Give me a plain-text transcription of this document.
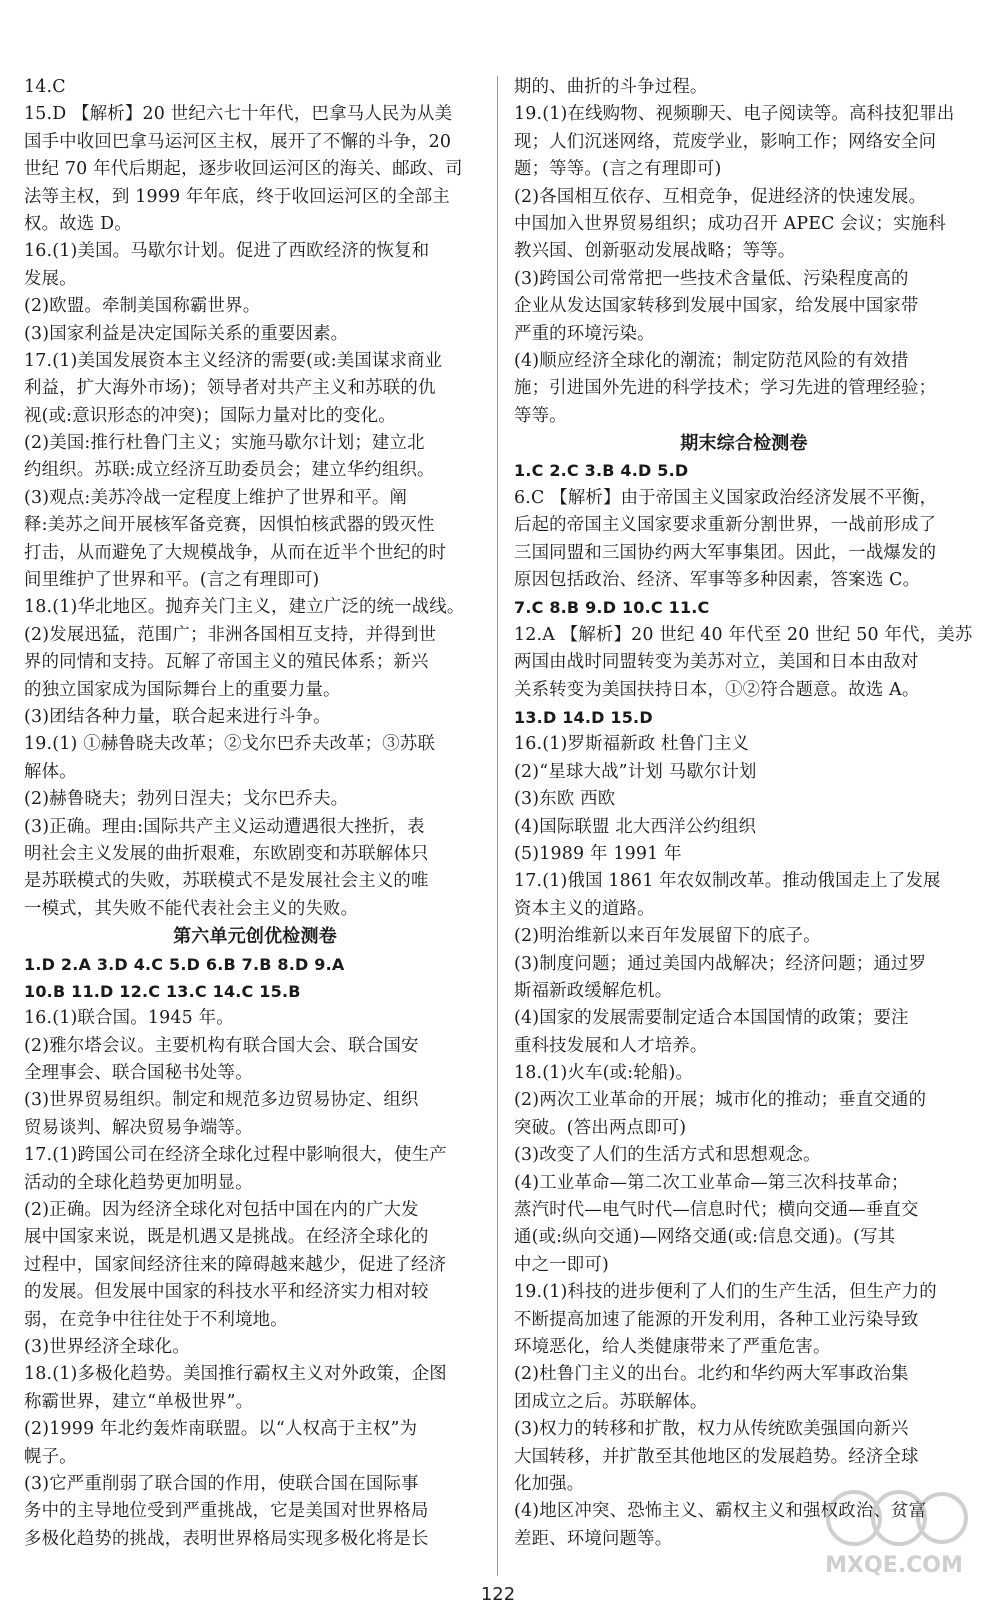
14.C
15.D 【解析】20 世纪六七十年代，巴拿马人民为从美
国手中收回巴拿马运河区主权，展开了不懈的斗争，20
世纪 70 年代后期起，逐步收回运河区的海关、邮政、司
法等主权，到 1999 年年底，终于收回运河区的全部主
权。故选 D。
16.(1)美国。马歇尔计划。促进了西欧经济的恢复和
发展。
(2)欧盟。牵制美国称霸世界。
(3)国家利益是决定国际关系的重要因素。
17.(1)美国发展资本主义经济的需要(或:美国谋求商业
利益，扩大海外市场)；领导者对共产主义和苏联的仇
视(或:意识形态的冲突)；国际力量对比的变化。
(2)美国:推行杜鲁门主义；实施马歇尔计划；建立北
约组织。苏联:成立经济互助委员会；建立华约组织。
(3)观点:美苏冷战一定程度上维护了世界和平。阐
释:美苏之间开展核军备竞赛，因惧怕核武器的毁灭性
打击，从而避免了大规模战争，从而在近半个世纪的时
间里维护了世界和平。(言之有理即可)
18.(1)华北地区。抛弃关门主义，建立广泛的统一战线。
(2)发展迅猛，范围广；非洲各国相互支持，并得到世
界的同情和支持。瓦解了帝国主义的殖民体系；新兴
的独立国家成为国际舞台上的重要力量。
(3)团结各种力量，联合起来进行斗争。
19.(1) ①赫鲁晓夫改革；②戈尔巴乔夫改革；③苏联
解体。
(2)赫鲁晓夫；勃列日涅夫；戈尔巴乔夫。
(3)正确。理由:国际共产主义运动遭遇很大挫折，表
明社会主义发展的曲折艰难，东欧剧变和苏联解体只
是苏联模式的失败，苏联模式不是发展社会主义的唯
一模式，其失败不能代表社会主义的失败。
第六单元创优检测卷
1.D 2.A 3.D 4.C 5.D 6.B 7.B 8.D 9.A
10.B 11.D 12.C 13.C 14.C 15.B
16.(1)联合国。1945 年。
(2)雅尔塔会议。主要机构有联合国大会、联合国安
全理事会、联合国秘书处等。
(3)世界贸易组织。制定和规范多边贸易协定、组织
贸易谈判、解决贸易争端等。
17.(1)跨国公司在经济全球化过程中影响很大，使生产
活动的全球化趋势更加明显。
(2)正确。因为经济全球化对包括中国在内的广大发
展中国家来说，既是机遇又是挑战。在经济全球化的
过程中，国家间经济往来的障碍越来越少，促进了经济
的发展。但发展中国家的科技水平和经济实力相对较
弱，在竞争中往往处于不利境地。
(3)世界经济全球化。
18.(1)多极化趋势。美国推行霸权主义对外政策，企图
称霸世界，建立“单极世界”。
(2)1999 年北约轰炸南联盟。以“人权高于主权”为
幌子。
(3)它严重削弱了联合国的作用，使联合国在国际事
务中的主导地位受到严重挑战，它是美国对世界格局
多极化趋势的挑战，表明世界格局实现多极化将是长
期的、曲折的斗争过程。
19.(1)在线购物、视频聊天、电子阅读等。高科技犯罪出
现；人们沉迷网络，荒废学业，影响工作；网络安全问
题；等等。(言之有理即可)
(2)各国相互依存、互相竞争，促进经济的快速发展。
中国加入世界贸易组织；成功召开 APEC 会议；实施科
教兴国、创新驱动发展战略；等等。
(3)跨国公司常常把一些技术含量低、污染程度高的
企业从发达国家转移到发展中国家，给发展中国家带
严重的环境污染。
(4)顺应经济全球化的潮流；制定防范风险的有效措
施；引进国外先进的科学技术；学习先进的管理经验；
等等。
期末综合检测卷
1.C 2.C 3.B 4.D 5.D
6.C 【解析】由于帝国主义国家政治经济发展不平衡，
后起的帝国主义国家要求重新分割世界，一战前形成了
三国同盟和三国协约两大军事集团。因此，一战爆发的
原因包括政治、经济、军事等多种因素，答案选 C。
7.C 8.B 9.D 10.C 11.C
12.A 【解析】20 世纪 40 年代至 20 世纪 50 年代，美苏
两国由战时同盟转变为美苏对立，美国和日本由敌对
关系转变为美国扶持日本，①②符合题意。故选 A。
13.D 14.D 15.D
16.(1)罗斯福新政 杜鲁门主义
(2)“星球大战”计划 马歇尔计划
(3)东欧 西欧
(4)国际联盟 北大西洋公约组织
(5)1989 年 1991 年
17.(1)俄国 1861 年农奴制改革。推动俄国走上了发展
资本主义的道路。
(2)明治维新以来百年发展留下的底子。
(3)制度问题；通过美国内战解决；经济问题；通过罗
斯福新政缓解危机。
(4)国家的发展需要制定适合本国国情的政策；要注
重科技发展和人才培养。
18.(1)火车(或:轮船)。
(2)两次工业革命的开展；城市化的推动；垂直交通的
突破。(答出两点即可)
(3)改变了人们的生活方式和思想观念。
(4)工业革命—第二次工业革命—第三次科技革命；
蒸汽时代—电气时代—信息时代；横向交通—垂直交
通(或:纵向交通)—网络交通(或:信息交通)。(写其
中之一即可)
19.(1)科技的进步便利了人们的生产生活，但生产力的
不断提高加速了能源的开发利用，各种工业污染导致
环境恶化，给人类健康带来了严重危害。
(2)杜鲁门主义的出台。北约和华约两大军事政治集
团成立之后。苏联解体。
(3)权力的转移和扩散，权力从传统欧美强国向新兴
大国转移，并扩散至其他地区的发展趋势。经济全球
化加强。
(4)地区冲突、恐怖主义、霸权主义和强权政治、贫富
差距、环境问题等。
122
MXQE.COM
